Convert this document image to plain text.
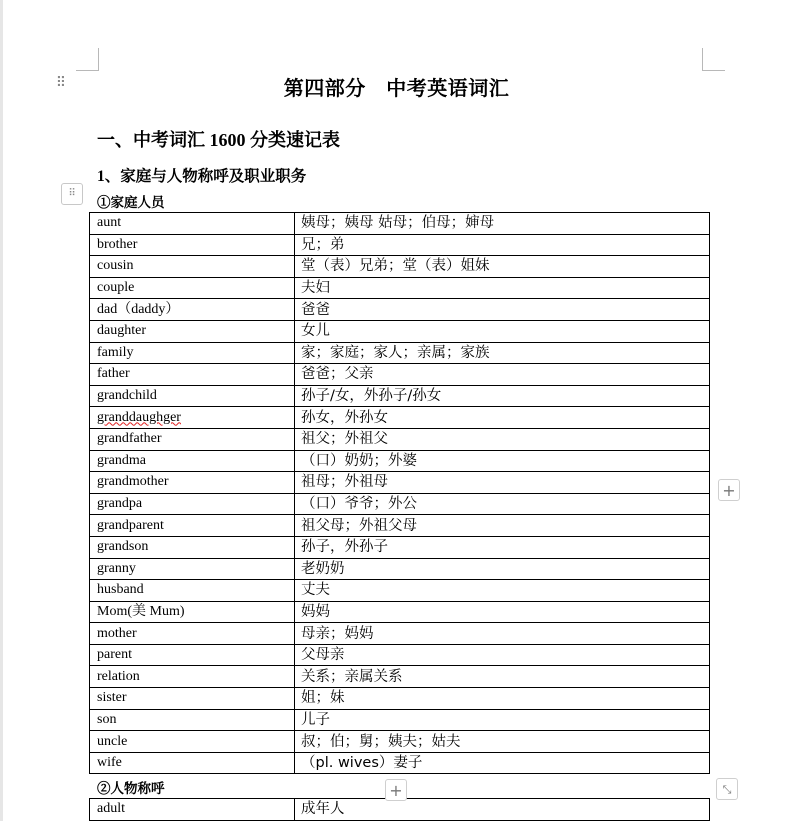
⠿	第四部分　中考英语词汇
一、中考词汇 1600 分类速记表
1、家庭与人物称呼及职业职务
①家庭人员
⠿
aunt	姨母；姨母 姑母；伯母；婶母
brother	兄；弟
cousin	堂（表）兄弟；堂（表）姐妹
couple	夫妇
dad（daddy）	爸爸
daughter	女儿
family	家；家庭；家人；亲属；家族
father	爸爸；父亲
grandchild	孙子/女，外孙子/孙女
granddaughger	孙女，外孙女
grandfather	祖父；外祖父
grandma	（口）奶奶；外婆
grandmother	祖母；外祖母
grandpa	（口）爷爷；外公
grandparent	祖父母；外祖父母
grandson	孙子，外孙子
granny	老奶奶
husband	丈夫
Mom(美 Mum)	妈妈
mother	母亲；妈妈
parent	父母亲
relation	关系；亲属关系
sister	姐；妹
son	儿子
uncle	叔；伯；舅；姨夫；姑夫
wife	（pl. wives）妻子
②人物称呼
adult	成年人
+
+	⤡
